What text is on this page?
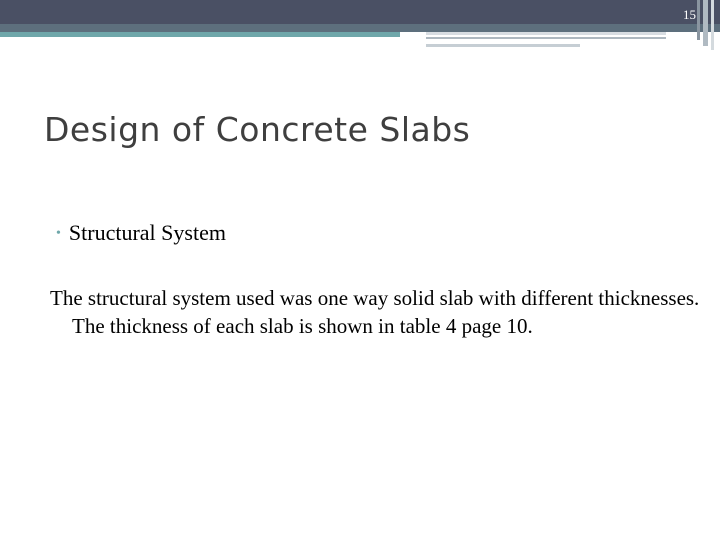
15
Design of Concrete Slabs
• Structural System
The structural system used was one way solid slab with different thicknesses. The thickness of each slab is shown in table 4 page 10.
